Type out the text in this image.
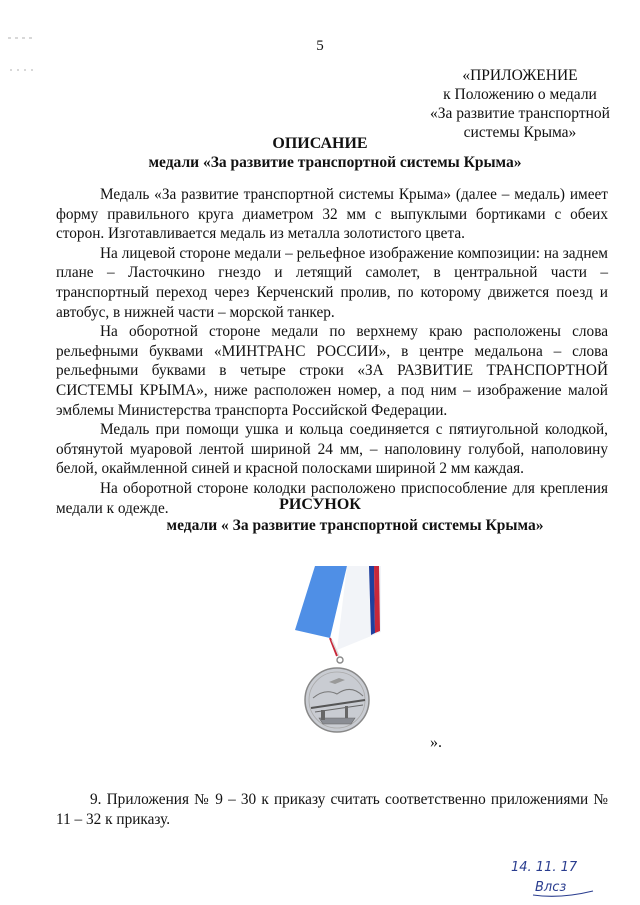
5
«ПРИЛОЖЕНИЕ
к Положению о медали
«За развитие транспортной
системы Крыма»
ОПИСАНИЕ
медали «За развитие транспортной системы Крыма»

Медаль «За развитие транспортной системы Крыма» (далее – медаль) имеет форму правильного круга диаметром 32 мм с выпуклыми бортиками с обеих сторон. Изготавливается медаль из металла золотистого цвета.

На лицевой стороне медали – рельефное изображение композиции: на заднем плане – Ласточкино гнездо и летящий самолет, в центральной части – транспортный переход через Керченский пролив, по которому движется поезд и автобус, в нижней части – морской танкер.

На оборотной стороне медали по верхнему краю расположены слова рельефными буквами «МИНТРАНС РОССИИ», в центре медальона – слова рельефными буквами в четыре строки «ЗА РАЗВИТИЕ ТРАНСПОРТНОЙ СИСТЕМЫ КРЫМА», ниже расположен номер, а под ним – изображение малой эмблемы Министерства транспорта Российской Федерации.

Медаль при помощи ушка и кольца соединяется с пятиугольной колодкой, обтянутой муаровой лентой шириной 24 мм, – наполовину голубой, наполовину белой, окаймленной синей и красной полосками шириной 2 мм каждая.

На оборотной стороне колодки расположено приспособление для крепления медали к одежде.	РИСУНОК
медали « За развитие транспортной системы Крыма»
».

9. Приложения № 9 – 30 к приказу считать соответственно приложениями № 11 – 32 к приказу.

14. 11. 17
Влсз
